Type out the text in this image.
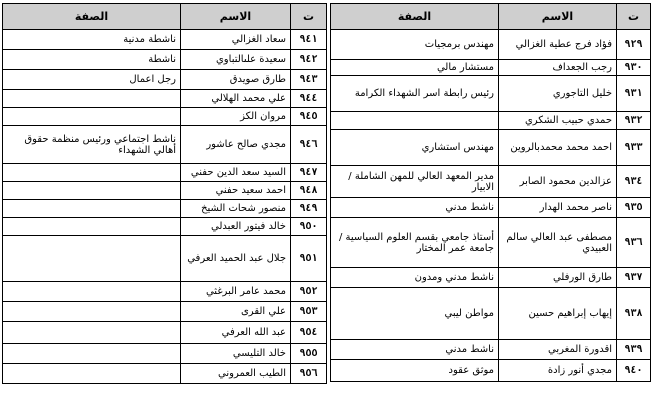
ت	الاسم	الصفة
٩٢٩	فؤاد فرج عطية الغزالي	مهندس برمجيات
٩٣٠	رجب الجعداف	مستشار مالي
٩٣١	خليل التاجوري	رئيس رابطة اسر الشهداء الكرامة
٩٣٢	حمدي حبيب الشكري	
٩٣٣	احمد محمد محمدبالروين	مهندس استشاري
٩٣٤	عزالدين محمود الصابر	مدير المعهد العالي للمهن الشاملة / الابيار
٩٣٥	ناصر محمد الهدار	ناشط مدني
٩٣٦	مصطفى عبد العالي سالم العبيدي	أستاذ جامعي بقسم العلوم السياسية /جامعة عمر المختار
٩٣٧	طارق الورفلي	ناشط مدني ومدون
٩٣٨	إيهاب إبراهيم حسين	مواطن ليبي
٩٣٩	اقدورة المغربي	ناشط مدني
٩٤٠	مجدي أنور زادة	موثق عقود
ت	الاسم	الصفة
٩٤١	سعاد الغزالي	ناشطة مدنية
٩٤٢	سعيدة علىالتباوي	ناشطة
٩٤٣	طارق صويدق	رجل اعمال
٩٤٤	علي محمد الهلالي	
٩٤٥	مروان الكز	
٩٤٦	مجدي صالح عاشور	ناشط اجتماعي ورئيس منظمة حقوق أهالي الشهداء
٩٤٧	السيد سعد الدين حفني	
٩٤٨	احمد سعيد حفني	
٩٤٩	منصور شحات الشيخ	
٩٥٠	خالد فيتور العبدلي	
٩٥١	جلال عبد الحميد العرفي	
٩٥٢	محمد عامر البرغثي	
٩٥٣	علي القرى	
٩٥٤	عبد الله العرفي	
٩٥٥	خالد التليسي	
٩٥٦	الطيب العمروني	
